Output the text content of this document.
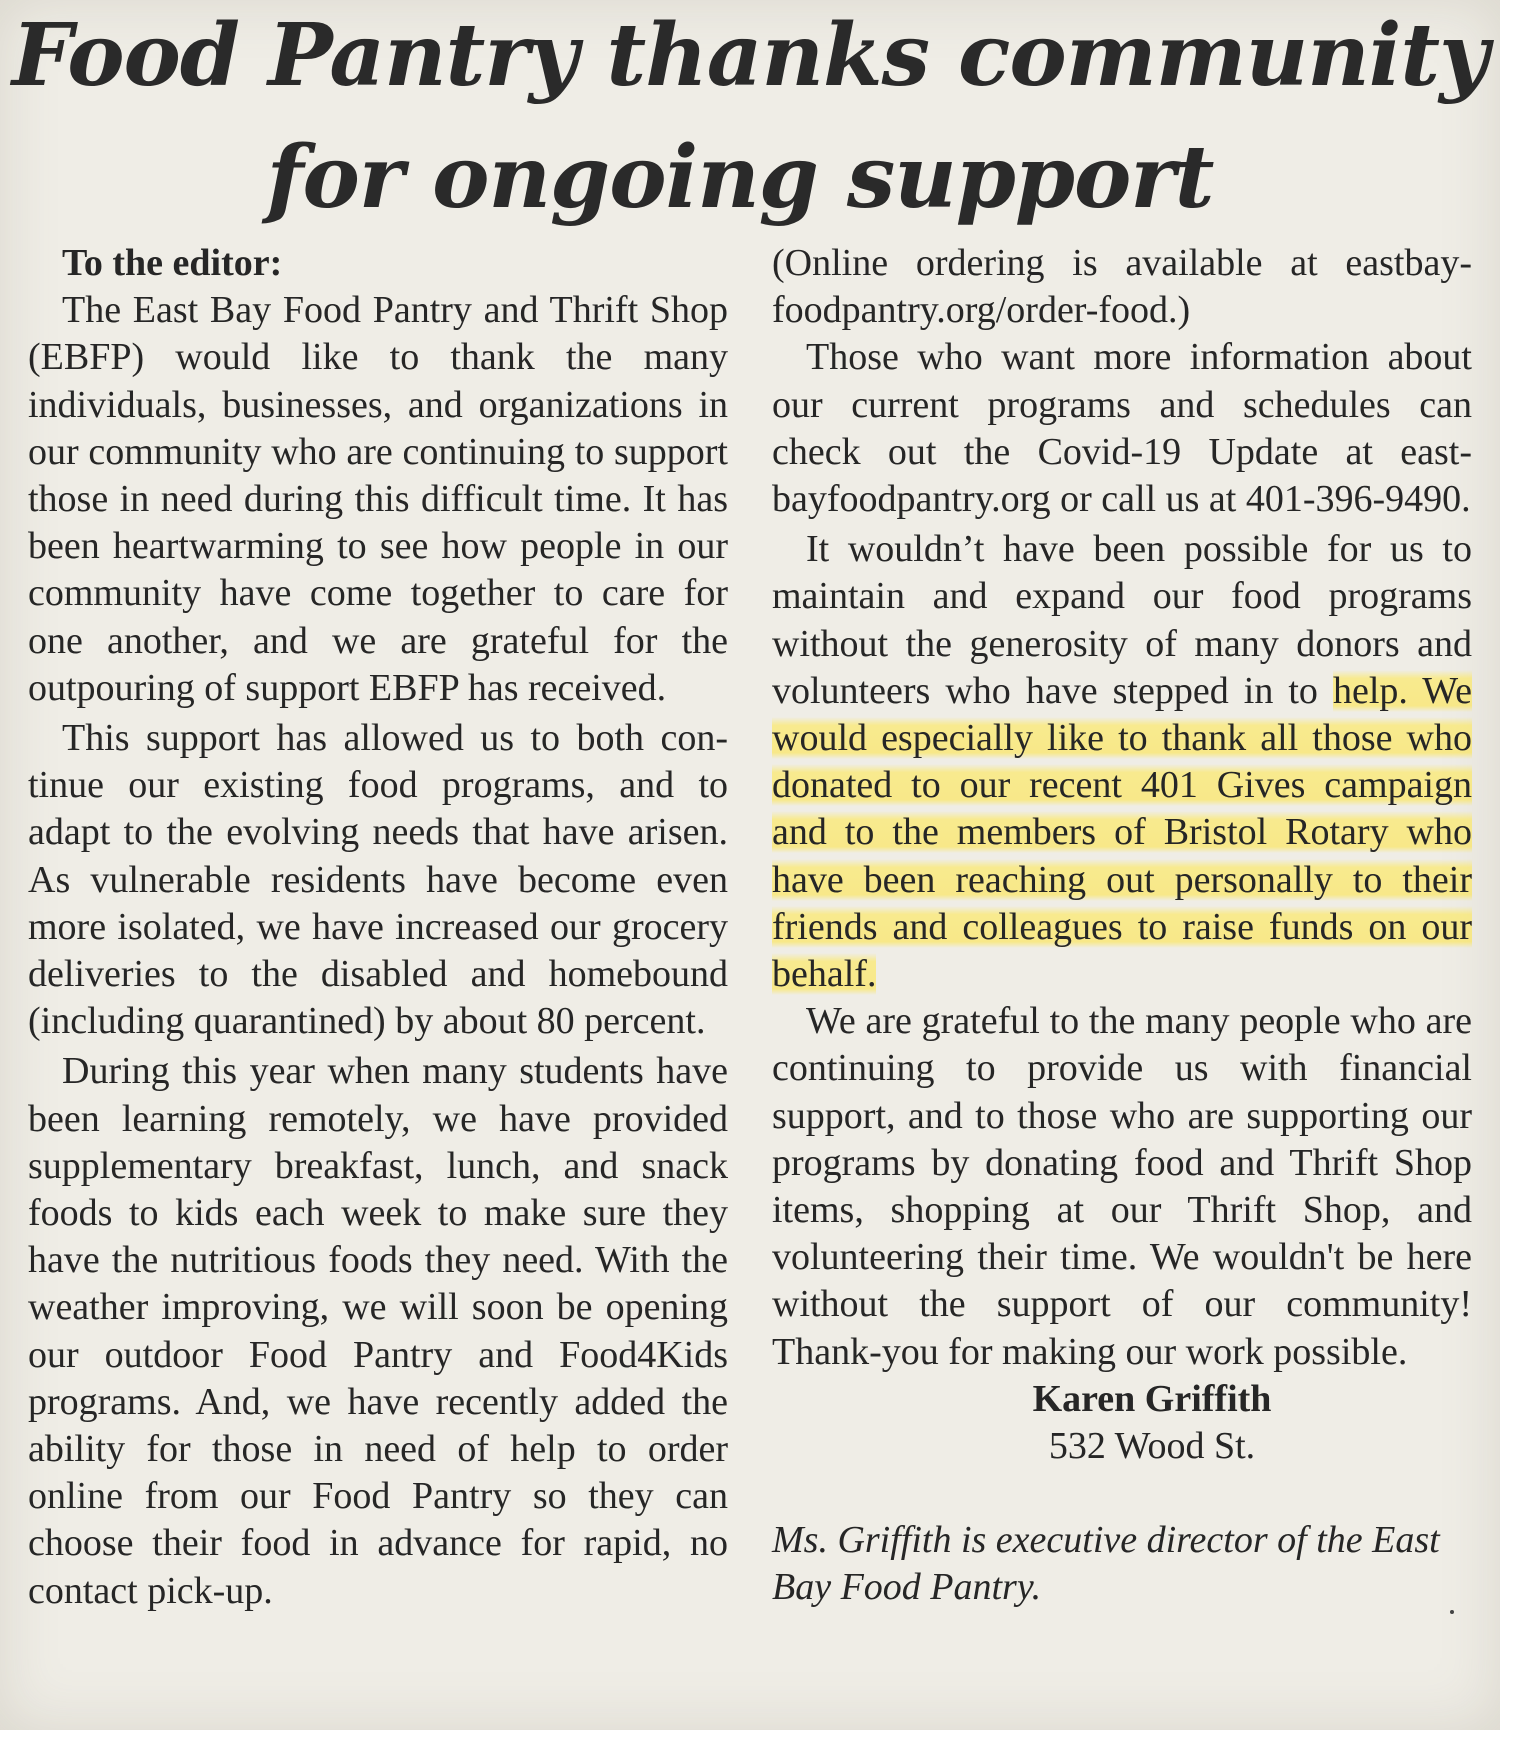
Food Pantry thanks community
for ongoing support

To the editor:

The East Bay Food Pantry and Thrift Shop (EBFP) would like to thank the many individuals, businesses, and organizations in our community who are continuing to support those in need during this difficult time. It has been heartwarming to see how people in our community have come together to care for one another, and we are grateful for the outpouring of support EBFP has received.

This support has allowed us to both continue our existing food programs, and to adapt to the evolving needs that have arisen. As vulnerable residents have become even more isolated, we have increased our grocery deliveries to the disabled and homebound (including quarantined) by about 80 percent.

During this year when many students have been learning remotely, we have provided supplementary breakfast, lunch, and snack foods to kids each week to make sure they have the nutritious foods they need. With the weather improving, we will soon be opening our outdoor Food Pantry and Food4Kids programs. And, we have recently added the ability for those in need of help to order online from our Food Pantry so they can choose their food in advance for rapid, no contact pick-up.

(Online ordering is available at eastbayfoodpantry.org/order-food.)

Those who want more information about our current programs and schedules can check out the Covid-19 Update at eastbayfoodpantry.org or call us at 401-396-9490.

It wouldn’t have been possible for us to maintain and expand our food programs without the generosity of many donors and volunteers who have stepped in to help. We would especially like to thank all those who donated to our recent 401 Gives campaign and to the members of Bristol Rotary who have been reaching out personally to their friends and colleagues to raise funds on our behalf.

We are grateful to the many people who are continuing to provide us with financial support, and to those who are supporting our programs by donating food and Thrift Shop items, shopping at our Thrift Shop, and volunteering their time. We wouldn't be here without the support of our community! Thank-you for making our work possible.

Karen Griffith

532 Wood St.

Ms. Griffith is executive director of the East Bay Food Pantry.
